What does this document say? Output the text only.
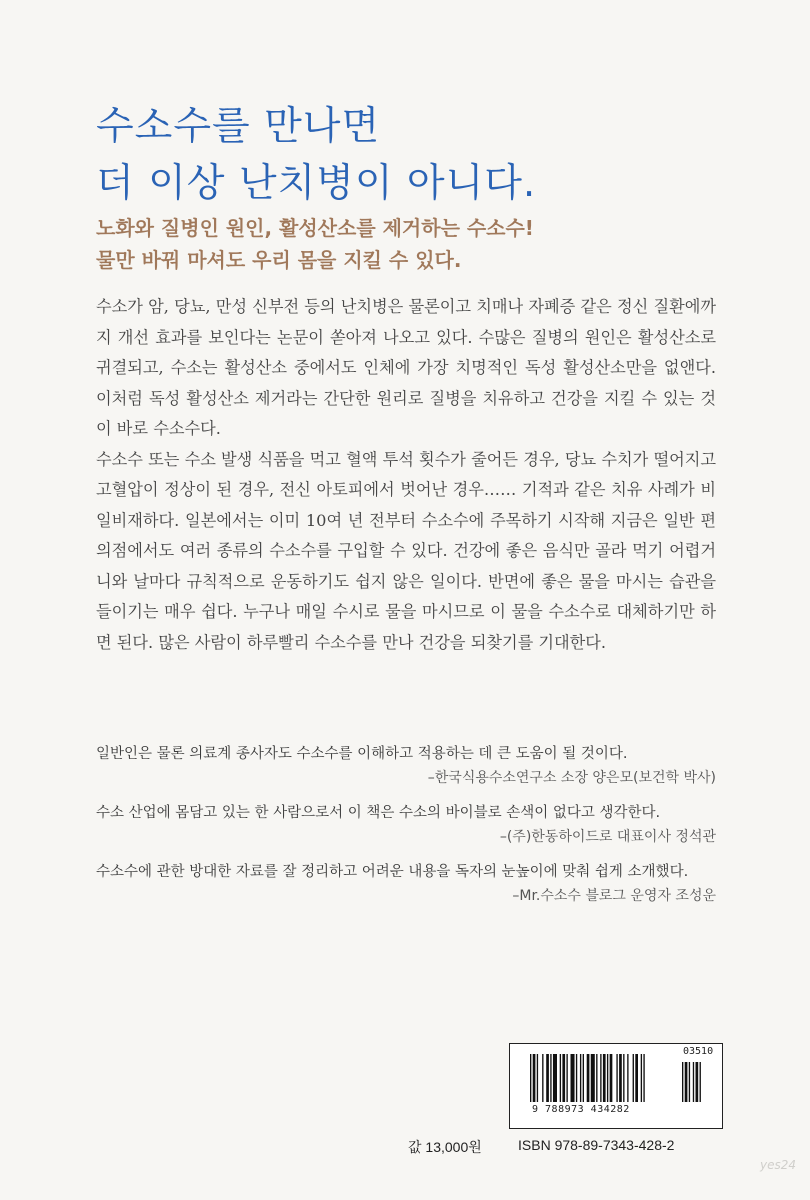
수소수를 만나면
더 이상 난치병이 아니다.
노화와 질병인 원인, 활성산소를 제거하는 수소수!
물만 바꿔 마셔도 우리 몸을 지킬 수 있다.

수소가 암, 당뇨, 만성 신부전 등의 난치병은 물론이고 치매나 자폐증 같은 정신 질환에까지 개선 효과를 보인다는 논문이 쏟아져 나오고 있다. 수많은 질병의 원인은 활성산소로 귀결되고, 수소는 활성산소 중에서도 인체에 가장 치명적인 독성 활성산소만을 없앤다. 이처럼 독성 활성산소 제거라는 간단한 원리로 질병을 치유하고 건강을 지킬 수 있는 것이 바로 수소수다.

수소수 또는 수소 발생 식품을 먹고 혈액 투석 횟수가 줄어든 경우, 당뇨 수치가 떨어지고 고혈압이 정상이 된 경우, 전신 아토피에서 벗어난 경우…… 기적과 같은 치유 사례가 비일비재하다. 일본에서는 이미 10여 년 전부터 수소수에 주목하기 시작해 지금은 일반 편의점에서도 여러 종류의 수소수를 구입할 수 있다. 건강에 좋은 음식만 골라 먹기 어렵거니와 날마다 규칙적으로 운동하기도 쉽지 않은 일이다. 반면에 좋은 물을 마시는 습관을 들이기는 매우 쉽다. 누구나 매일 수시로 물을 마시므로 이 물을 수소수로 대체하기만 하면 된다. 많은 사람이 하루빨리 수소수를 만나 건강을 되찾기를 기대한다.

일반인은 물론 의료계 종사자도 수소수를 이해하고 적용하는 데 큰 도움이 될 것이다.
–한국식용수소연구소 소장 양은모(보건학 박사)
수소 산업에 몸담고 있는 한 사람으로서 이 책은 수소의 바이블로 손색이 없다고 생각한다.
–(주)한동하이드로 대표이사 정석관
수소수에 관한 방대한 자료를 잘 정리하고 어려운 내용을 독자의 눈높이에 맞춰 쉽게 소개했다.
–Mr.수소수 블로그 운영자 조성운
03510
9 788973 434282
값 13,000원	ISBN 978-89-7343-428-2
yes24
